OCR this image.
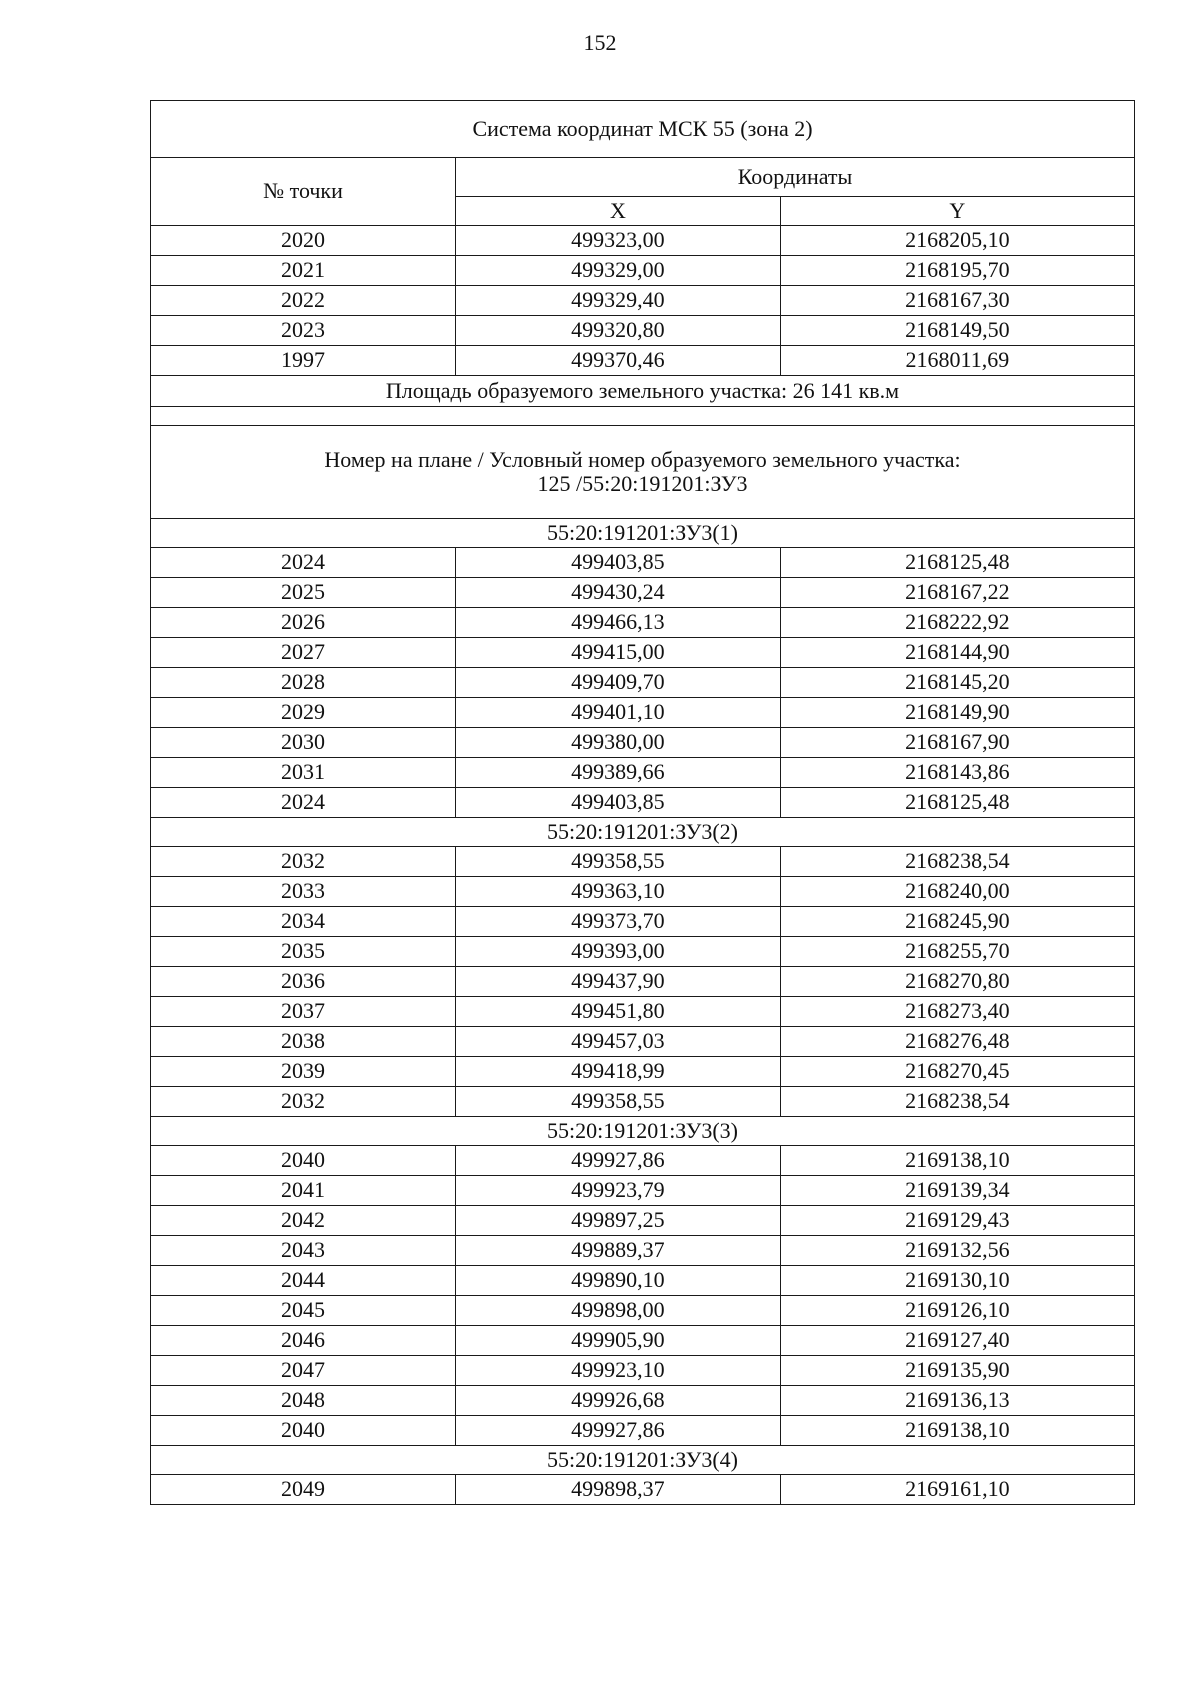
152
Система координат МСК 55 (зона 2)		
№ точки	Координаты	
	X	Y
2020	499323,00	2168205,10
2021	499329,00	2168195,70
2022	499329,40	2168167,30
2023	499320,80	2168149,50
1997	499370,46	2168011,69
Площадь образуемого земельного участка: 26 141 кв.м		

Номер на плане / Условный номер образуемого земельного участка:
125 /55:20:191201:ЗУ3		

55:20:191201:ЗУ3(1)		
2024	499403,85	2168125,48
2025	499430,24	2168167,22
2026	499466,13	2168222,92
2027	499415,00	2168144,90
2028	499409,70	2168145,20
2029	499401,10	2168149,90
2030	499380,00	2168167,90
2031	499389,66	2168143,86
2024	499403,85	2168125,48
55:20:191201:ЗУ3(2)		
2032	499358,55	2168238,54
2033	499363,10	2168240,00
2034	499373,70	2168245,90
2035	499393,00	2168255,70
2036	499437,90	2168270,80
2037	499451,80	2168273,40
2038	499457,03	2168276,48
2039	499418,99	2168270,45
2032	499358,55	2168238,54
55:20:191201:ЗУ3(3)		
2040	499927,86	2169138,10
2041	499923,79	2169139,34
2042	499897,25	2169129,43
2043	499889,37	2169132,56
2044	499890,10	2169130,10
2045	499898,00	2169126,10
2046	499905,90	2169127,40
2047	499923,10	2169135,90
2048	499926,68	2169136,13
2040	499927,86	2169138,10
55:20:191201:ЗУ3(4)		
2049	499898,37	2169161,10
